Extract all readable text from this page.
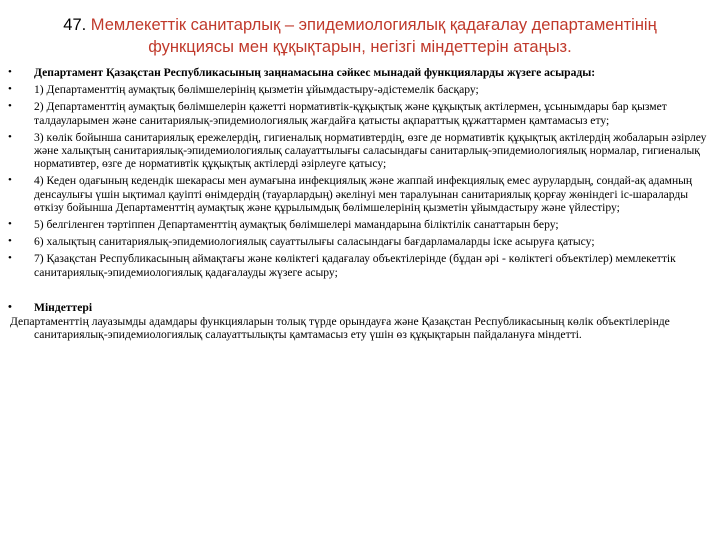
47. Мемлекеттік санитарлық – эпидемиологиялық қадағалау департаментінің функциясы мен құқықтарын, негізгі міндеттерін атаңыз.
• Департамент Қазақстан Республикасының заңнамасына сәйкес мынадай функцияларды жүзеге асырады:
• 1) Департаменттің аумақтық бөлімшелерінің қызметін ұйымдастыру-әдістемелік басқару;
• 2) Департаменттің аумақтық бөлімшелерін қажетті нормативтік-құқықтық және құқықтық актілермен, ұсынымдары бар қызмет талдауларымен және санитариялық-эпидемиологиялық жағдайға қатысты ақпараттық құжаттармен қамтамасыз ету;
• 3) көлік бойынша санитариялық ережелердің, гигиеналық нормативтердің, өзге де нормативтік құқықтық актілердің жобаларын әзірлеу және халықтың санитариялық-эпидемиологиялық салауаттылығы саласындағы санитарлық-эпидемиологиялық нормалар, гигиеналық нормативтер, өзге де нормативтік құқықтық актілерді әзірлеуге қатысу;
• 4) Кеден одағының кедендік шекарасы мен аумағына инфекциялық және жаппай инфекциялық емес аурулардың, сондай-ақ адамның денсаулығы үшін ықтимал қауіпті өнімдердің (тауарлардың) әкелінуі мен таралуынан санитариялық қорғау жөніндегі іс-шараларды өткізу бойынша Департаменттің аумақтық және құрылымдық бөлімшелерінің қызметін ұйымдастыру және үйлестіру;
• 5) белгіленген тәртіппен Департаменттің аумақтық бөлімшелері мамандарына біліктілік санаттарын беру;
• 6) халықтың санитариялық-эпидемиологиялық сауаттылығы саласындағы бағдарламаларды іске асыруға қатысу;
• 7) Қазақстан Республикасының аймақтағы және көліктегі қадағалау объектілерінде (бұдан әрі - көліктегі объектілер) мемлекеттік санитариялық-эпидемиологиялық қадағалауды жүзеге асыру;
• Міндеттері
Департаменттің лауазымды адамдары функцияларын толық түрде орындауға және Қазақстан Республикасының көлік объектілерінде санитариялық-эпидемиологиялық салауаттылықты қамтамасыз ету үшін өз құқықтарын пайдалануға міндетті.
